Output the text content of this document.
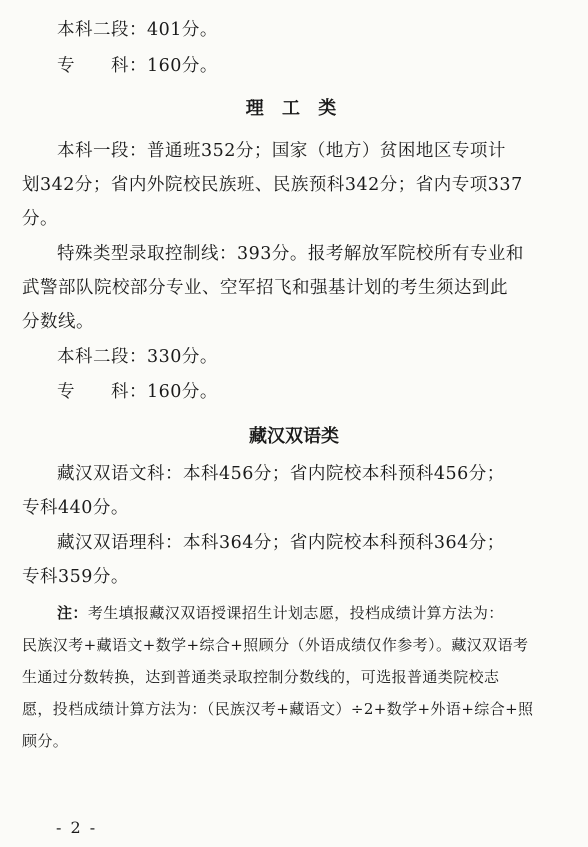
本科二段：401分。
专 科：160分。
理 工 类
本科一段：普通班352分；国家（地方）贫困地区专项计
划342分；省内外院校民族班、民族预科342分；省内专项337
分。
特殊类型录取控制线：393分。报考解放军院校所有专业和
武警部队院校部分专业、空军招飞和强基计划的考生须达到此
分数线。
本科二段：330分。
专 科：160分。
藏汉双语类
藏汉双语文科：本科456分；省内院校本科预科456分；
专科440分。
藏汉双语理科：本科364分；省内院校本科预科364分；
专科359分。
注：考生填报藏汉双语授课招生计划志愿，投档成绩计算方法为：
民族汉考+藏语文+数学+综合+照顾分（外语成绩仅作参考）。藏汉双语考
生通过分数转换，达到普通类录取控制分数线的，可选报普通类院校志
愿，投档成绩计算方法为：（民族汉考+藏语文）÷2+数学+外语+综合+照
顾分。
- 2 -
